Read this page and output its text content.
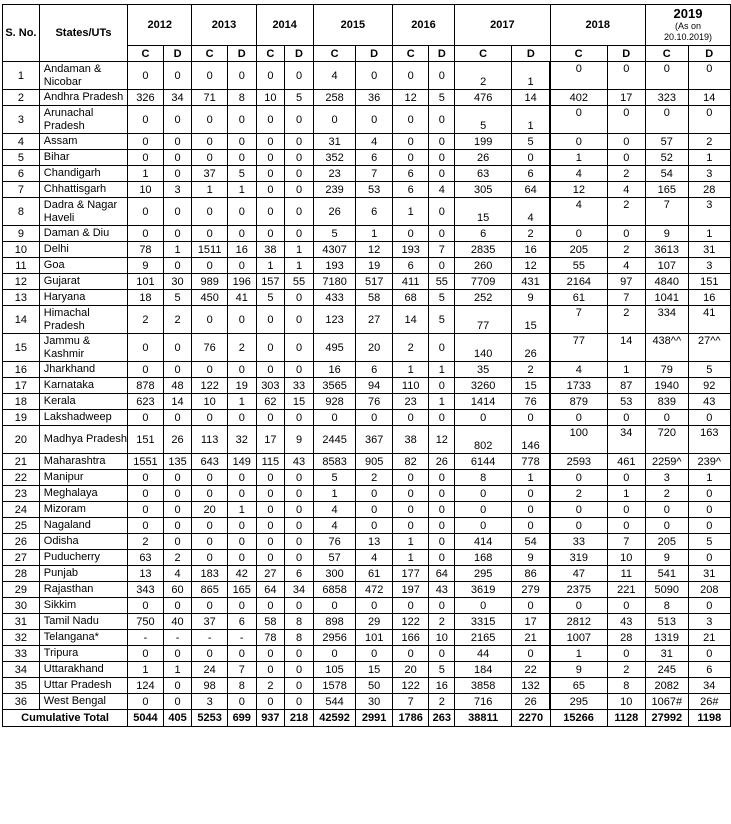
S. No.	States/UTs	2012		2013		2014		2015		2016		2017		2018		2019
(As on 20.10.2019)	

		C	D	C	D	C	D	C	D	C	D	C	D	C	D	C	D
1	Andaman & Nicobar	0	0	0	0	0	0	4	0	0	0	2	1	0	0	0	0
2	Andhra Pradesh	326	34	71	8	10	5	258	36	12	5	476	14	402	17	323	14
3	Arunachal Pradesh	0	0	0	0	0	0	0	0	0	0	5	1	0	0	0	0
4	Assam	0	0	0	0	0	0	31	4	0	0	199	5	0	0	57	2
5	Bihar	0	0	0	0	0	0	352	6	0	0	26	0	1	0	52	1
6	Chandigarh	1	0	37	5	0	0	23	7	6	0	63	6	4	2	54	3
7	Chhattisgarh	10	3	1	1	0	0	239	53	6	4	305	64	12	4	165	28
8	Dadra & Nagar Haveli	0	0	0	0	0	0	26	6	1	0	15	4	4	2	7	3
9	Daman & Diu	0	0	0	0	0	0	5	1	0	0	6	2	0	0	9	1
10	Delhi	78	1	1511	16	38	1	4307	12	193	7	2835	16	205	2	3613	31
11	Goa	9	0	0	0	1	1	193	19	6	0	260	12	55	4	107	3
12	Gujarat	101	30	989	196	157	55	7180	517	411	55	7709	431	2164	97	4840	151
13	Haryana	18	5	450	41	5	0	433	58	68	5	252	9	61	7	1041	16
14	Himachal Pradesh	2	2	0	0	0	0	123	27	14	5	77	15	7	2	334	41
15	Jammu & Kashmir	0	0	76	2	0	0	495	20	2	0	140	26	77	14	438^^	27^^
16	Jharkhand	0	0	0	0	0	0	16	6	1	1	35	2	4	1	79	5
17	Karnataka	878	48	122	19	303	33	3565	94	110	0	3260	15	1733	87	1940	92
18	Kerala	623	14	10	1	62	15	928	76	23	1	1414	76	879	53	839	43
19	Lakshadweep	0	0	0	0	0	0	0	0	0	0	0	0	0	0	0	0
20	Madhya Pradesh	151	26	113	32	17	9	2445	367	38	12	802	146	100	34	720	163
21	Maharashtra	1551	135	643	149	115	43	8583	905	82	26	6144	778	2593	461	2259^	239^
22	Manipur	0	0	0	0	0	0	5	2	0	0	8	1	0	0	3	1
23	Meghalaya	0	0	0	0	0	0	1	0	0	0	0	0	2	1	2	0
24	Mizoram	0	0	20	1	0	0	4	0	0	0	0	0	0	0	0	0
25	Nagaland	0	0	0	0	0	0	4	0	0	0	0	0	0	0	0	0
26	Odisha	2	0	0	0	0	0	76	13	1	0	414	54	33	7	205	5
27	Puducherry	63	2	0	0	0	0	57	4	1	0	168	9	319	10	9	0
28	Punjab	13	4	183	42	27	6	300	61	177	64	295	86	47	11	541	31
29	Rajasthan	343	60	865	165	64	34	6858	472	197	43	3619	279	2375	221	5090	208
30	Sikkim	0	0	0	0	0	0	0	0	0	0	0	0	0	0	8	0
31	Tamil Nadu	750	40	37	6	58	8	898	29	122	2	3315	17	2812	43	513	3
32	Telangana*	-	-	-	-	78	8	2956	101	166	10	2165	21	1007	28	1319	21
33	Tripura	0	0	0	0	0	0	0	0	0	0	44	0	1	0	31	0
34	Uttarakhand	1	1	24	7	0	0	105	15	20	5	184	22	9	2	245	6
35	Uttar Pradesh	124	0	98	8	2	0	1578	50	122	16	3858	132	65	8	2082	34
36	West Bengal	0	0	3	0	0	0	544	30	7	2	716	26	295	10	1067#	26#
Cumulative Total		5044	405	5253	699	937	218	42592	2991	1786	263	38811	2270	15266	1128	27992	1198
